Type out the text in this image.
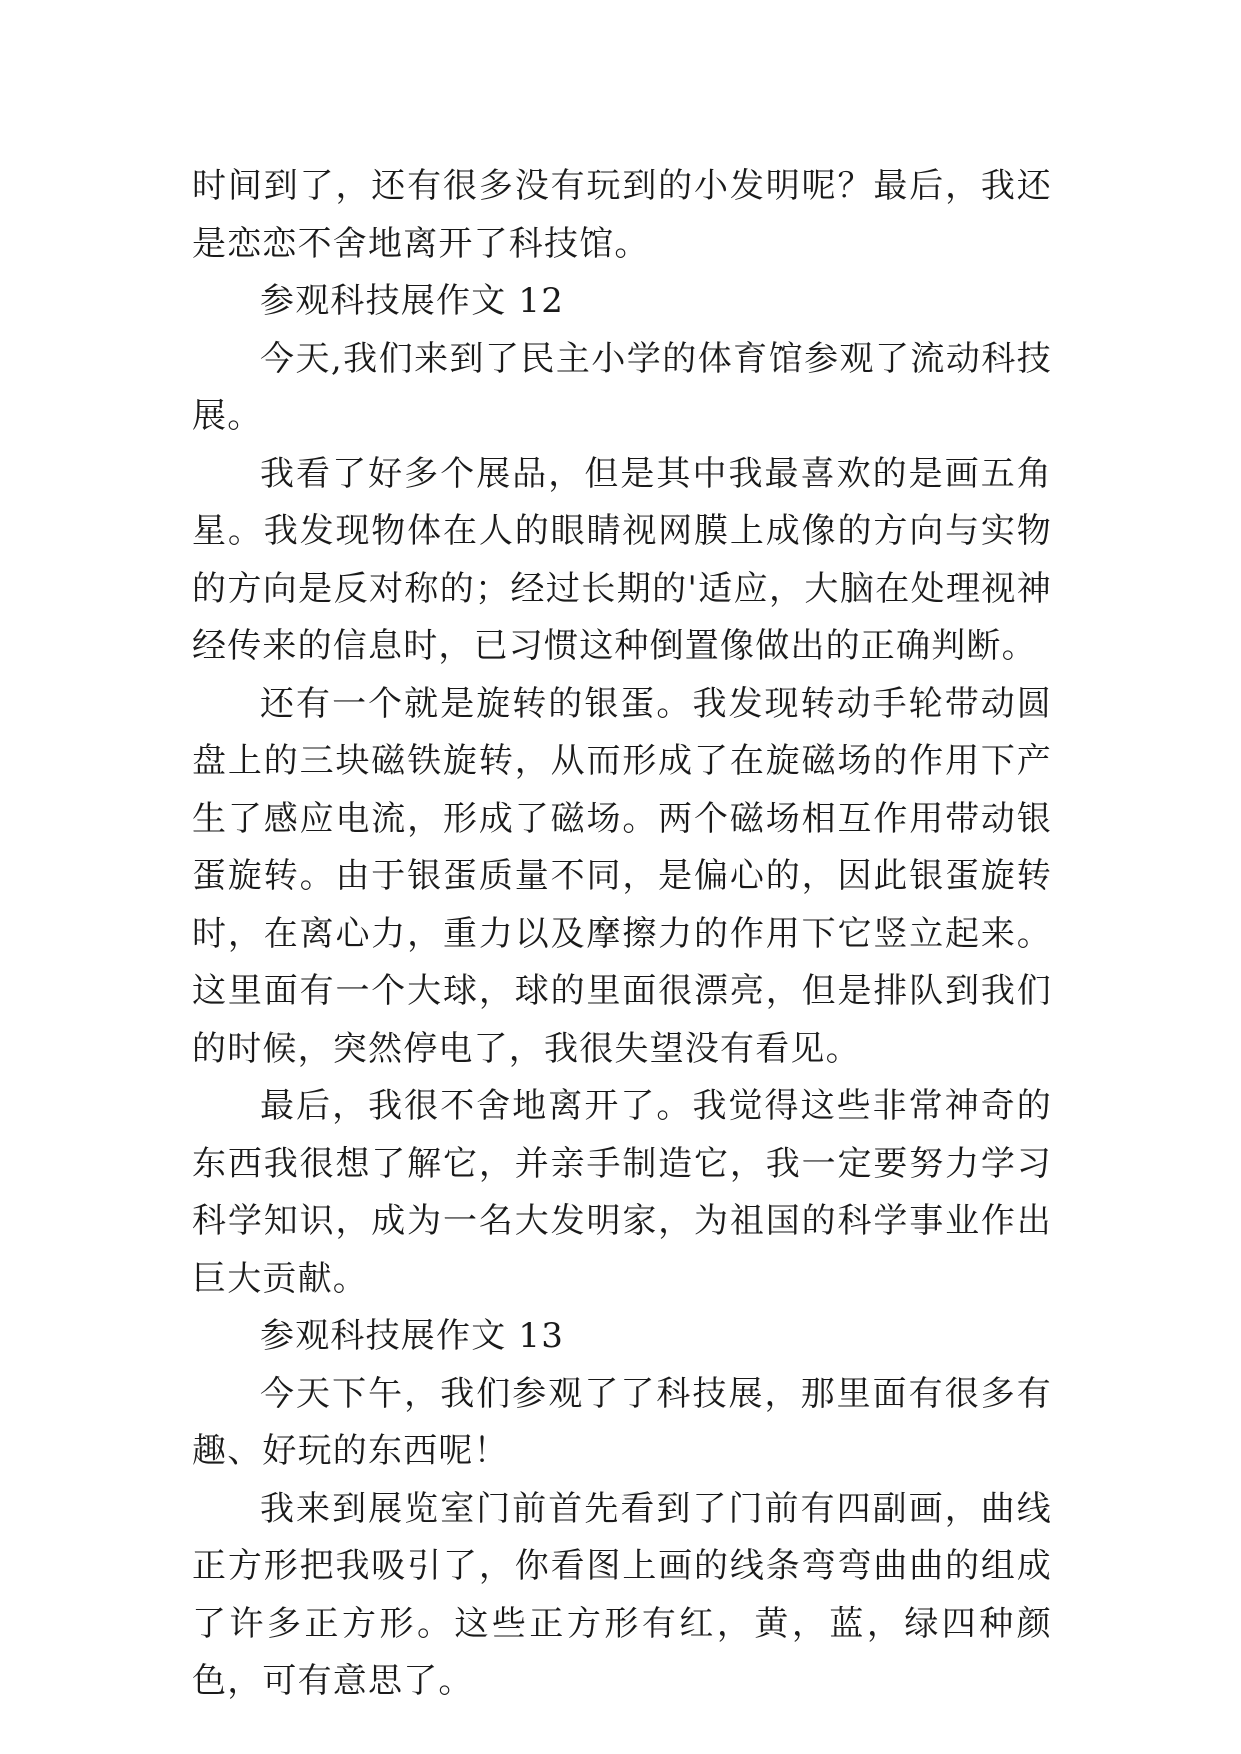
时间到了，还有很多没有玩到的小发明呢？最后，我还是恋恋不舍地离开了科技馆。

参观科技展作文 12

今天,我们来到了民主小学的体育馆参观了流动科技展。

我看了好多个展品，但是其中我最喜欢的是画五角星。我发现物体在人的眼睛视网膜上成像的方向与实物的方向是反对称的；经过长期的'适应，大脑在处理视神经传来的信息时，已习惯这种倒置像做出的正确判断。

还有一个就是旋转的银蛋。我发现转动手轮带动圆盘上的三块磁铁旋转，从而形成了在旋磁场的作用下产生了感应电流，形成了磁场。两个磁场相互作用带动银蛋旋转。由于银蛋质量不同，是偏心的，因此银蛋旋转时，在离心力，重力以及摩擦力的作用下它竖立起来。这里面有一个大球，球的里面很漂亮，但是排队到我们的时候，突然停电了，我很失望没有看见。

最后，我很不舍地离开了。我觉得这些非常神奇的东西我很想了解它，并亲手制造它，我一定要努力学习科学知识，成为一名大发明家，为祖国的科学事业作出巨大贡献。

参观科技展作文 13

今天下午，我们参观了了科技展，那里面有很多有趣、好玩的东西呢！

我来到展览室门前首先看到了门前有四副画，曲线正方形把我吸引了，你看图上画的线条弯弯曲曲的组成了许多正方形。这些正方形有红，黄，蓝，绿四种颜色，可有意思了。
